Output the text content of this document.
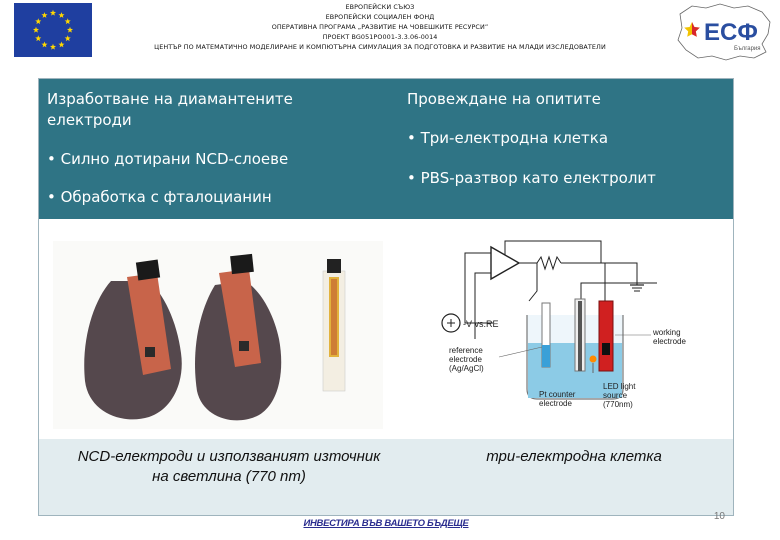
ЕВРОПЕЙСКИ СЪЮЗ
ЕВРОПЕЙСКИ СОЦИАЛЕН ФОНД
ОПЕРАТИВНА ПРОГРАМА „РАЗВИТИЕ НА ЧОВЕШКИТЕ РЕСУРСИ”
ПРОЕКТ BG051PO001-3.3.06-0014
ЦЕНТЪР ПО МАТЕМАТИЧНО МОДЕЛИРАНЕ И КОМПЮТЪРНА СИМУЛАЦИЯ ЗА ПОДГОТОВКА И РАЗВИТИЕ НА МЛАДИ ИЗСЛЕДОВАТЕЛИ
ЕСФ
България
Изработване на диамантените електроди
• Силно дотирани NCD-слоеве
• Обработка с фталоцианин
Провеждане на опитите
• Три-електродна клетка
• PBS-разтвор като електролит
-V vs.RE
reference
electrode
(Ag/AgCl)
Pt counter
electrode
LED light
source
(770nm)
working
electrode
NCD-електроди и използваният източник на светлина (770 nm)
три-електродна клетка
10
ИНВЕСТИРА ВЪВ ВАШЕТО БЪДЕЩЕ
